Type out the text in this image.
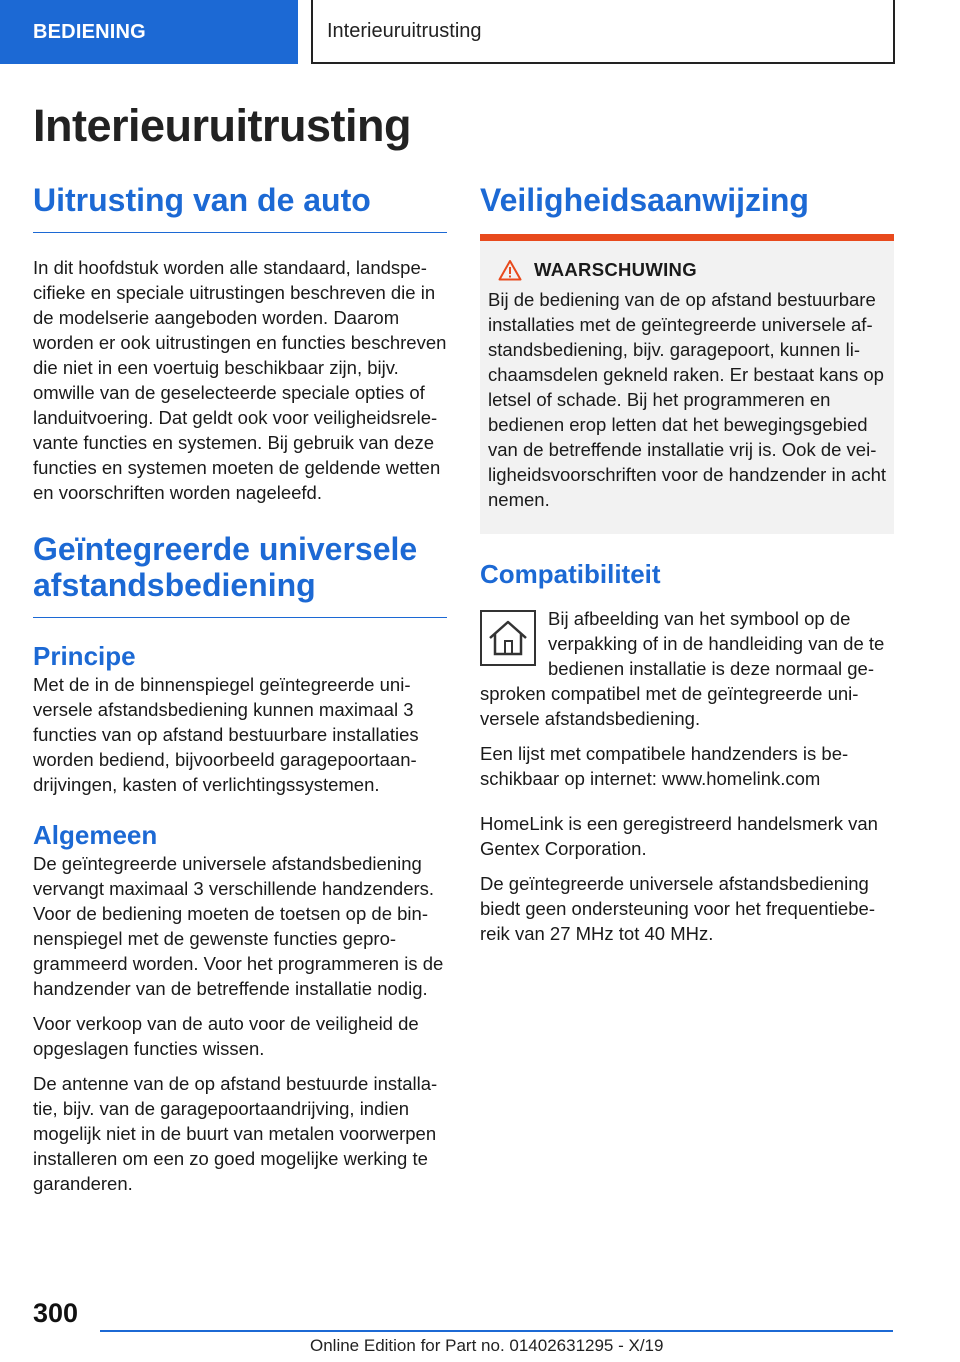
BEDIENING	Interieuruitrusting
Interieuruitrusting
Uitrusting van de auto

In dit hoofdstuk worden alle standaard, landspecifieke en speciale uitrustingen beschreven die in de modelserie aangeboden worden. Daarom worden er ook uitrustingen en functies beschreven die niet in een voertuig beschikbaar zijn, bijv. omwille van de geselecteerde speciale opties of landuitvoering. Dat geldt ook voor veiligheidsrelevante functies en systemen. Bij gebruik van deze functies en systemen moeten de geldende wetten en voorschriften worden nageleefd.

Geïntegreerde universele afstandsbediening
Principe

Met de in de binnenspiegel geïntegreerde universele afstandsbediening kunnen maximaal 3 functies van op afstand bestuurbare installaties worden bediend, bijvoorbeeld garagepoortaandrijvingen, kasten of verlichtingssystemen.

Algemeen

De geïntegreerde universele afstandsbediening vervangt maximaal 3 verschillende handzenders. Voor de bediening moeten de toetsen op de binnenspiegel met de gewenste functies geprogrammeerd worden. Voor het programmeren is de handzender van de betreffende installatie nodig.

Voor verkoop van de auto voor de veiligheid de opgeslagen functies wissen.

De antenne van de op afstand bestuurde installatie, bijv. van de garagepoortaandrijving, indien mogelijk niet in de buurt van metalen voorwerpen installeren om een zo goed mogelijke werking te garanderen.

Veiligheidsaanwijzing
WAARSCHUWING

Bij de bediening van de op afstand bestuurbare installaties met de geïntegreerde universele afstandsbediening, bijv. garagepoort, kunnen lichaamsdelen gekneld raken. Er bestaat kans op letsel of schade. Bij het programmeren en bedienen erop letten dat het bewegingsgebied van de betreffende installatie vrij is. Ook de veiligheidsvoorschriften voor de handzender in acht nemen.

Compatibiliteit

Bij afbeelding van het symbool op de verpakking of in de handleiding van de te bedienen installatie is deze normaal gesproken compatibel met de geïntegreerde universele afstandsbediening.

Een lijst met compatibele handzenders is beschikbaar op internet: www.homelink.com

HomeLink is een geregistreerd handelsmerk van Gentex Corporation.

De geïntegreerde universele afstandsbediening biedt geen ondersteuning voor het frequentiebereik van 27 MHz tot 40 MHz.

300
Online Edition for Part no. 01402631295 - X/19
